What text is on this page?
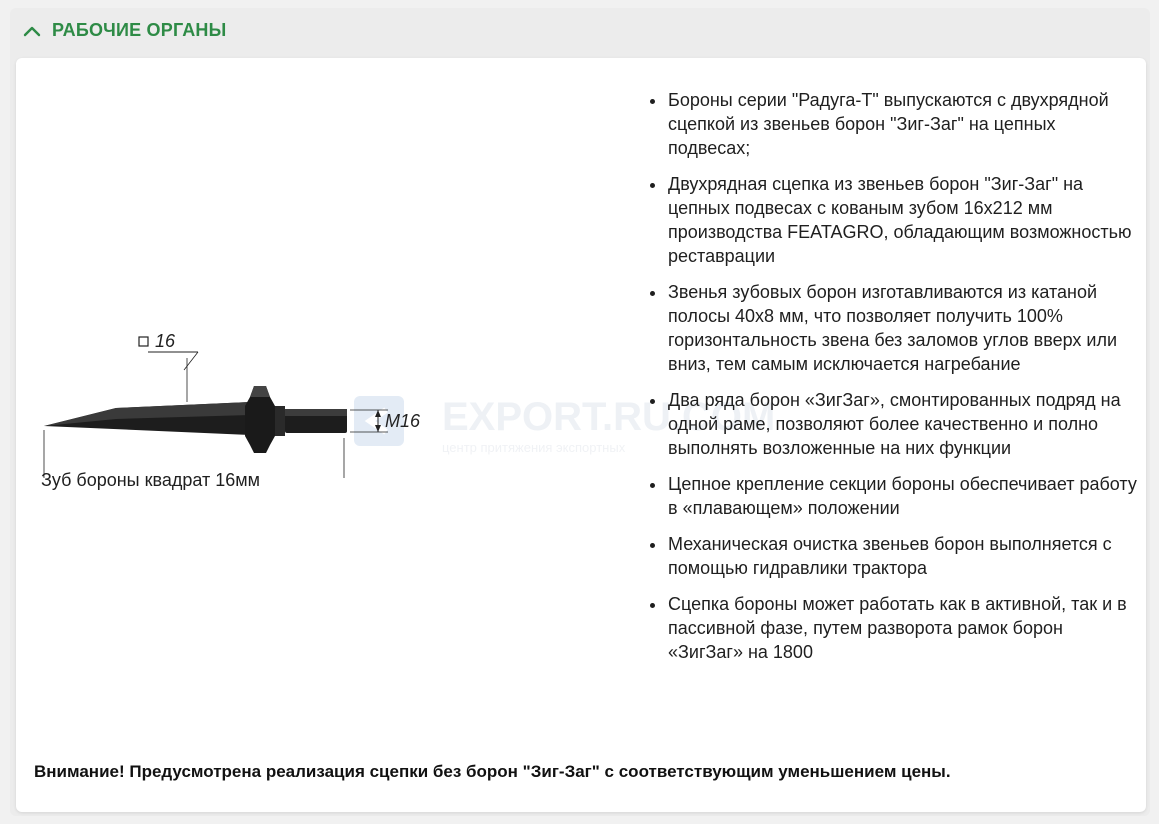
РАБОЧИЕ ОРГАНЫ
EXPORT.RU.COM
центр притяжения экспортных
16
M16
Зуб бороны квадрат 16мм
• Бороны серии "Радуга-Т" выпускаются с двухрядной сцепкой из звеньев борон "Зиг-Заг" на цепных подвесах;
• Двухрядная сцепка из звеньев борон "Зиг-Заг" на цепных подвесах с кованым зубом 16х212 мм производства FEATAGRO, обладающим возможностью реставрации
• Звенья зубовых борон изготавливаются из катаной полосы 40х8 мм, что позволяет получить 100% горизонтальность звена без заломов углов вверх или вниз, тем самым исключается нагребание
• Два ряда борон «ЗигЗаг», смонтированных подряд на одной раме, позволяют более качественно и полно выполнять возложенные на них функции
• Цепное крепление секции бороны обеспечивает работу в «плавающем» положении
• Механическая очистка звеньев борон выполняется с помощью гидравлики трактора
• Сцепка бороны может работать как в активной, так и в пассивной фазе, путем разворота рамок борон «ЗигЗаг» на 1800
Внимание! Предусмотрена реализация сцепки без борон "Зиг-Заг" с соответствующим уменьшением цены.
